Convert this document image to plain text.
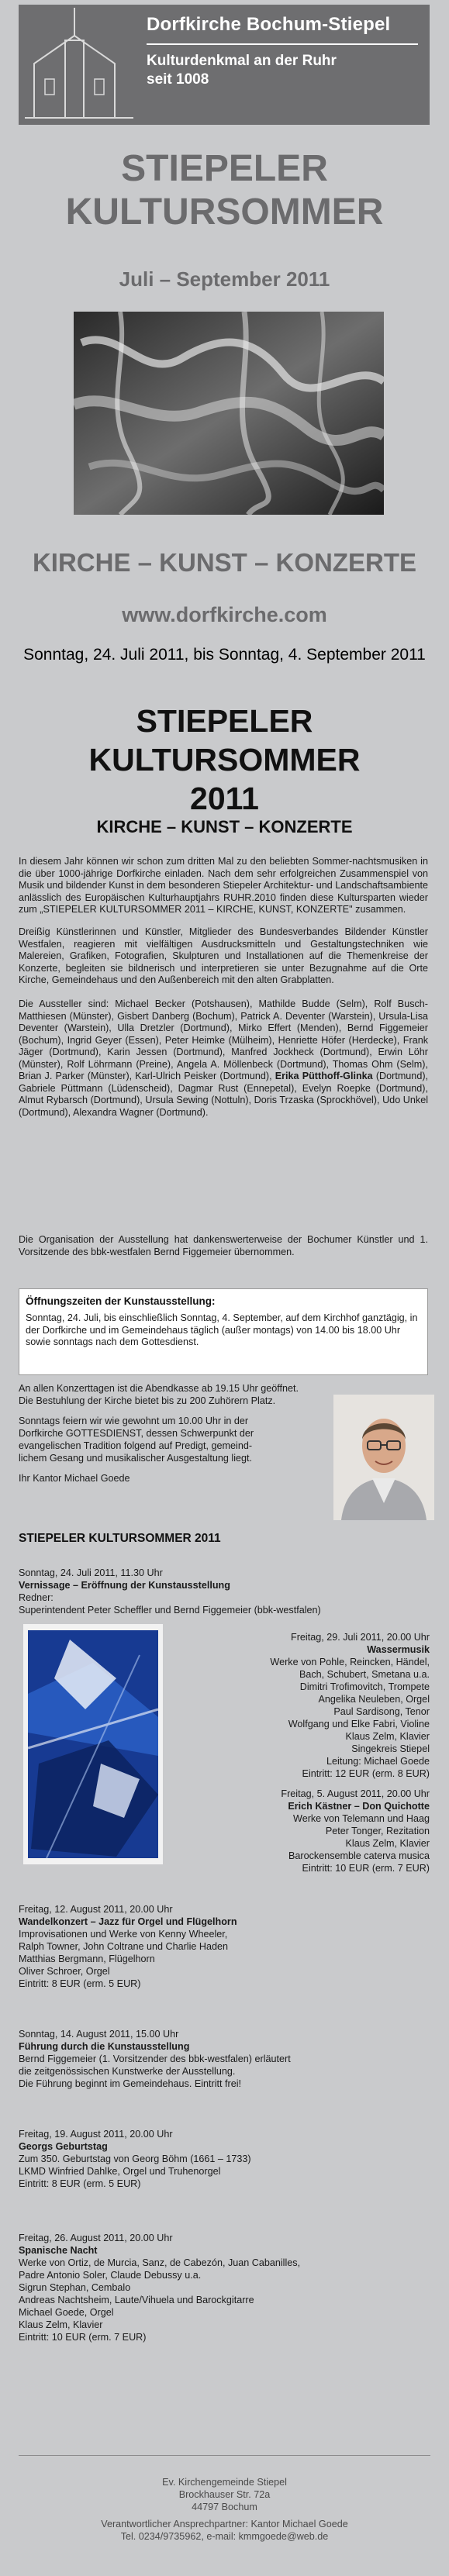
Dorfkirche Bochum-Stiepel
Kulturdenkmal an der Ruhr
seit 1008
STIEPELER
KULTURSOMMER
Juli – September 2011
KIRCHE – KUNST – KONZERTE
www.dorfkirche.com
Sonntag, 24. Juli 2011, bis Sonntag, 4. September 2011
STIEPELER
KULTURSOMMER
2011
KIRCHE – KUNST – KONZERTE
In diesem Jahr können wir schon zum dritten Mal zu den beliebten Sommer-nachtsmusiken in die über 1000-jährige Dorfkirche einladen. Nach dem sehr erfolgreichen Zusammenspiel von Musik und bildender Kunst in dem besonderen Stiepeler Architektur- und Landschaftsambiente anlässlich des Europäischen Kulturhauptjahrs RUHR.2010 finden diese Kultursparten wieder zum „STIEPELER KULTURSOMMER 2011 – KIRCHE, KUNST, KONZERTE" zusammen.
Dreißig Künstlerinnen und Künstler, Mitglieder des Bundesverbandes Bildender Künstler Westfalen, reagieren mit vielfältigen Ausdrucksmitteln und Gestaltungstechniken wie Malereien, Grafiken, Fotografien, Skulpturen und Installationen auf die Themenkreise der Konzerte, begleiten sie bildnerisch und interpretieren sie unter Bezugnahme auf die Orte Kirche, Gemeindehaus und den Außenbereich mit den alten Grabplatten.
Die Aussteller sind: Michael Becker (Potshausen), Mathilde Budde (Selm), Rolf Busch-Matthiesen (Münster), Gisbert Danberg (Bochum), Patrick A. Deventer (Warstein), Ursula-Lisa Deventer (Warstein), Ulla Dretzler (Dortmund), Mirko Effert (Menden), Bernd Figgemeier (Bochum), Ingrid Geyer (Essen), Peter Heimke (Mülheim), Henriette Höfer (Herdecke), Frank Jäger (Dortmund), Karin Jessen (Dortmund), Manfred Jockheck (Dortmund), Erwin Löhr (Münster), Rolf Löhrmann (Preine), Angela A. Möllenbeck (Dortmund), Thomas Ohm (Selm), Brian J. Parker (Münster), Karl-Ulrich Peisker (Dortmund), Erika Pütthoff-Glinka (Dortmund), Gabriele Püttmann (Lüdenscheid), Dagmar Rust (Ennepetal), Evelyn Roepke (Dortmund), Almut Rybarsch (Dortmund), Ursula Sewing (Nottuln), Doris Trzaska (Sprockhövel), Udo Unkel (Dortmund), Alexandra Wagner (Dortmund).
Die Organisation der Ausstellung hat dankenswerterweise der Bochumer Künstler und 1. Vorsitzende des bbk-westfalen Bernd Figgemeier übernommen.
Öffnungszeiten der Kunstausstellung:
Sonntag, 24. Juli, bis einschließlich Sonntag, 4. September, auf dem Kirchhof ganztägig, in der Dorfkirche und im Gemeindehaus täglich (außer montags) von 14.00 bis 18.00 Uhr sowie sonntags nach dem Gottesdienst.
An allen Konzerttagen ist die Abendkasse ab 19.15 Uhr geöffnet.
Die Bestuhlung der Kirche bietet bis zu 200 Zuhörern Platz.
Sonntags feiern wir wie gewohnt um 10.00 Uhr in der
Dorfkirche GOTTESDIENST, dessen Schwerpunkt der
evangelischen Tradition folgend auf Predigt, gemeind-
lichem Gesang und musikalischer Ausgestaltung liegt.
Ihr Kantor Michael Goede
STIEPELER KULTURSOMMER 2011
Sonntag, 24. Juli 2011, 11.30 Uhr
Vernissage – Eröffnung der Kunstausstellung
Redner:
Superintendent Peter Scheffler und Bernd Figgemeier (bbk-westfalen)
Freitag, 29. Juli 2011, 20.00 Uhr
Wassermusik
Werke von Pohle, Reincken, Händel,
Bach, Schubert, Smetana u.a.
Dimitri Trofimovitch, Trompete
Angelika Neuleben, Orgel
Paul Sardisong, Tenor
Wolfgang und Elke Fabri, Violine
Klaus Zelm, Klavier
Singekreis Stiepel
Leitung: Michael Goede
Eintritt: 12 EUR (erm. 8 EUR)
Freitag, 5. August 2011, 20.00 Uhr
Erich Kästner – Don Quichotte
Werke von Telemann und Haag
Peter Tonger, Rezitation
Klaus Zelm, Klavier
Barockensemble caterva musica
Eintritt: 10 EUR (erm. 7 EUR)
Freitag, 12. August 2011, 20.00 Uhr
Wandelkonzert – Jazz für Orgel und Flügelhorn
Improvisationen und Werke von Kenny Wheeler,
Ralph Towner, John Coltrane und Charlie Haden
Matthias Bergmann, Flügelhorn
Oliver Schroer, Orgel
Eintritt: 8 EUR (erm. 5 EUR)
Sonntag, 14. August 2011, 15.00 Uhr
Führung durch die Kunstausstellung
Bernd Figgemeier (1. Vorsitzender des bbk-westfalen) erläutert
die zeitgenössischen Kunstwerke der Ausstellung.
Die Führung beginnt im Gemeindehaus. Eintritt frei!
Freitag, 19. August 2011, 20.00 Uhr
Georgs Geburtstag
Zum 350. Geburtstag von Georg Böhm (1661 – 1733)
LKMD Winfried Dahlke, Orgel und Truhenorgel
Eintritt: 8 EUR (erm. 5 EUR)
Freitag, 26. August 2011, 20.00 Uhr
Spanische Nacht
Werke von Ortiz, de Murcia, Sanz, de Cabezón, Juan Cabanilles,
Padre Antonio Soler, Claude Debussy u.a.
Sigrun Stephan, Cembalo
Andreas Nachtsheim, Laute/Vihuela und Barockgitarre
Michael Goede, Orgel
Klaus Zelm, Klavier
Eintritt: 10 EUR (erm. 7 EUR)
Ev. Kirchengemeinde Stiepel
Brockhauser Str. 72a
44797 Bochum
Verantwortlicher Ansprechpartner: Kantor Michael Goede
Tel. 0234/9735962, e-mail: kmmgoede@web.de
